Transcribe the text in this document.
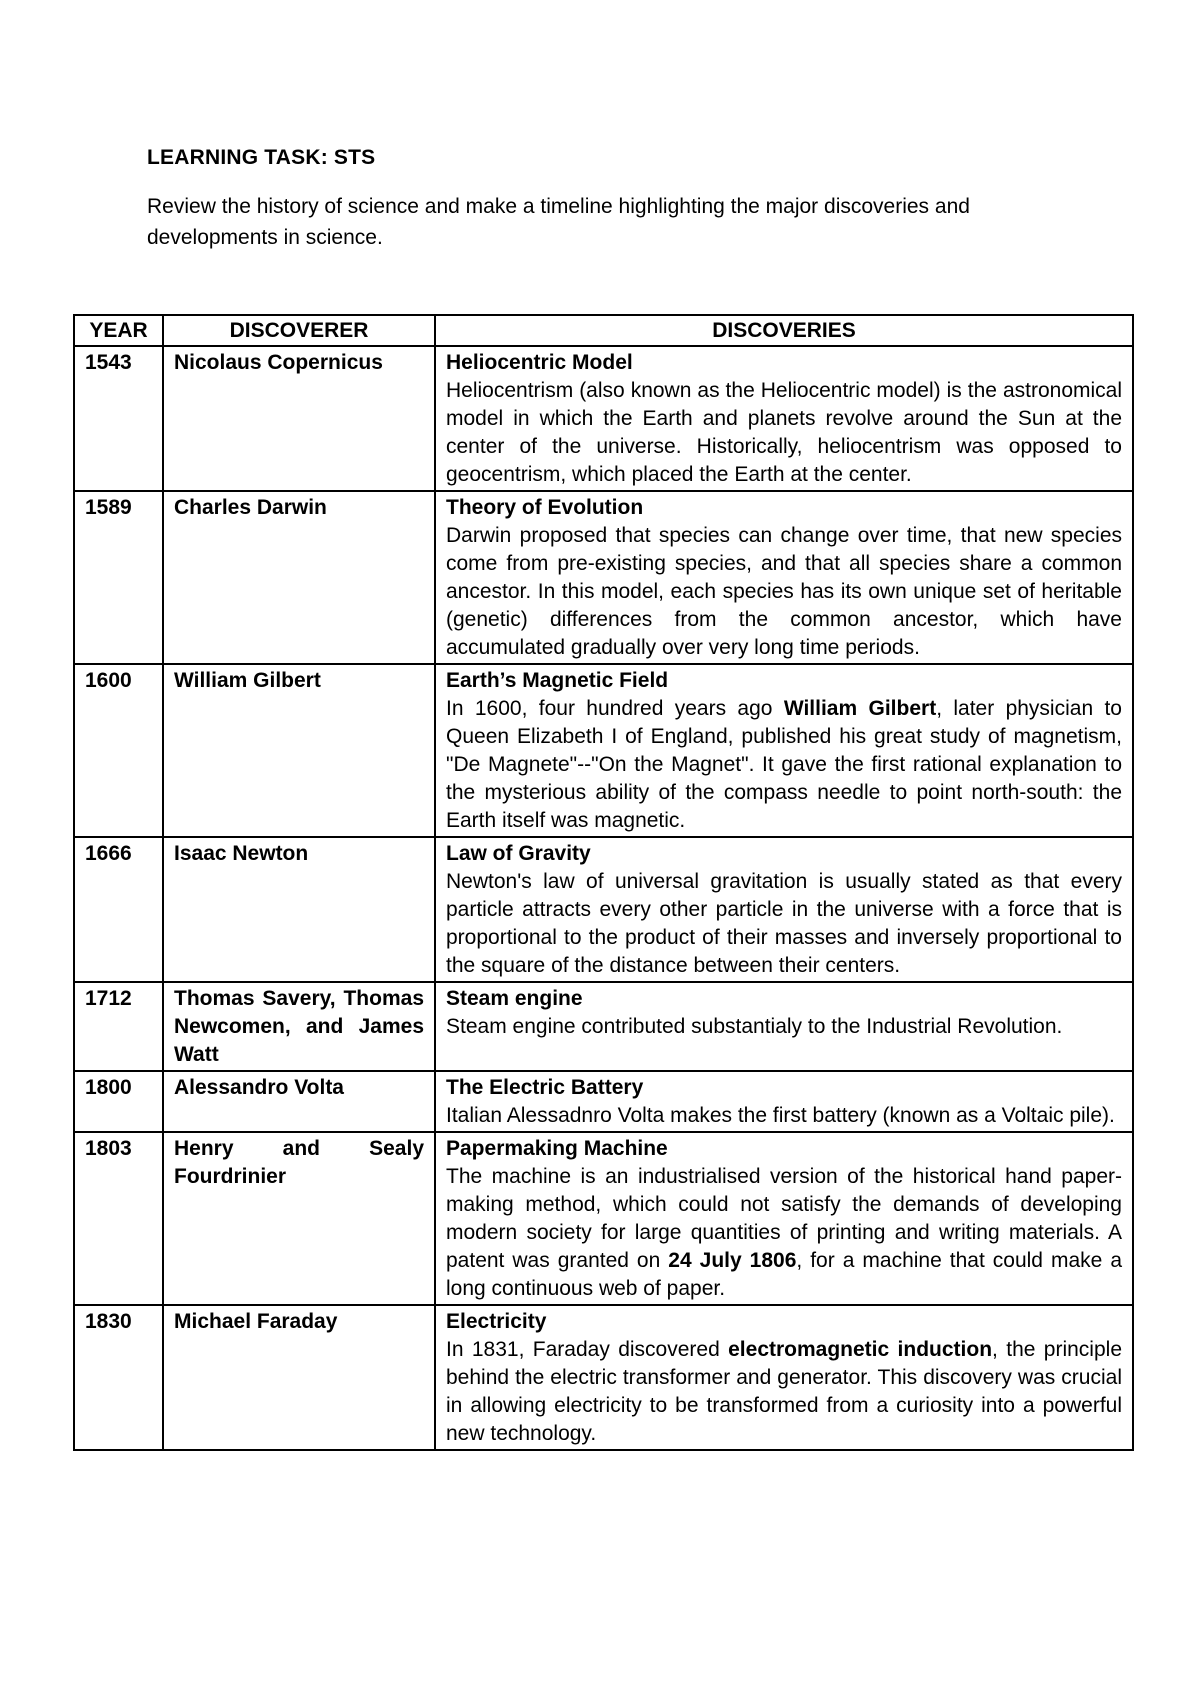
LEARNING TASK: STS
Review the history of science and make a timeline highlighting the major discoveries and developments in science.
YEAR	DISCOVERER	DISCOVERIES
1543	Nicolaus Copernicus	Heliocentric Model
Heliocentrism (also known as the Heliocentric model) is the astronomical model in which the Earth and planets revolve around the Sun at the center of the universe. Historically, heliocentrism was opposed to geocentrism, which placed the Earth at the center.

1589	Charles Darwin	Theory of Evolution
Darwin proposed that species can change over time, that new species come from pre-existing species, and that all species share a common ancestor. In this model, each species has its own unique set of heritable (genetic) differences from the common ancestor, which have accumulated gradually over very long time periods.

1600	William Gilbert	Earth’s Magnetic Field
In 1600, four hundred years ago William Gilbert, later physician to Queen Elizabeth I of England, published his great study of magnetism, "De Magnete"--"On the Magnet". It gave the first rational explanation to the mysterious ability of the compass needle to point north-south: the Earth itself was magnetic.

1666	Isaac Newton	Law of Gravity
Newton's law of universal gravitation is usually stated as that every particle attracts every other particle in the universe with a force that is proportional to the product of their masses and inversely proportional to the square of the distance between their centers.

1712	Thomas Savery, Thomas Newcomen, and James Watt	Steam engine
Steam engine contributed substantialy to the Industrial Revolution.

1800	Alessandro Volta	The Electric Battery
Italian Alessadnro Volta makes the first battery (known as a Voltaic pile).

1803	Henry and Sealy Fourdrinier	Papermaking Machine
The machine is an industrialised version of the historical hand paper-making method, which could not satisfy the demands of developing modern society for large quantities of printing and writing materials. A patent was granted on 24 July 1806, for a machine that could make a long continuous web of paper.

1830	Michael Faraday	Electricity
In 1831, Faraday discovered electromagnetic induction, the principle behind the electric transformer and generator. This discovery was crucial in allowing electricity to be transformed from a curiosity into a powerful new technology.
